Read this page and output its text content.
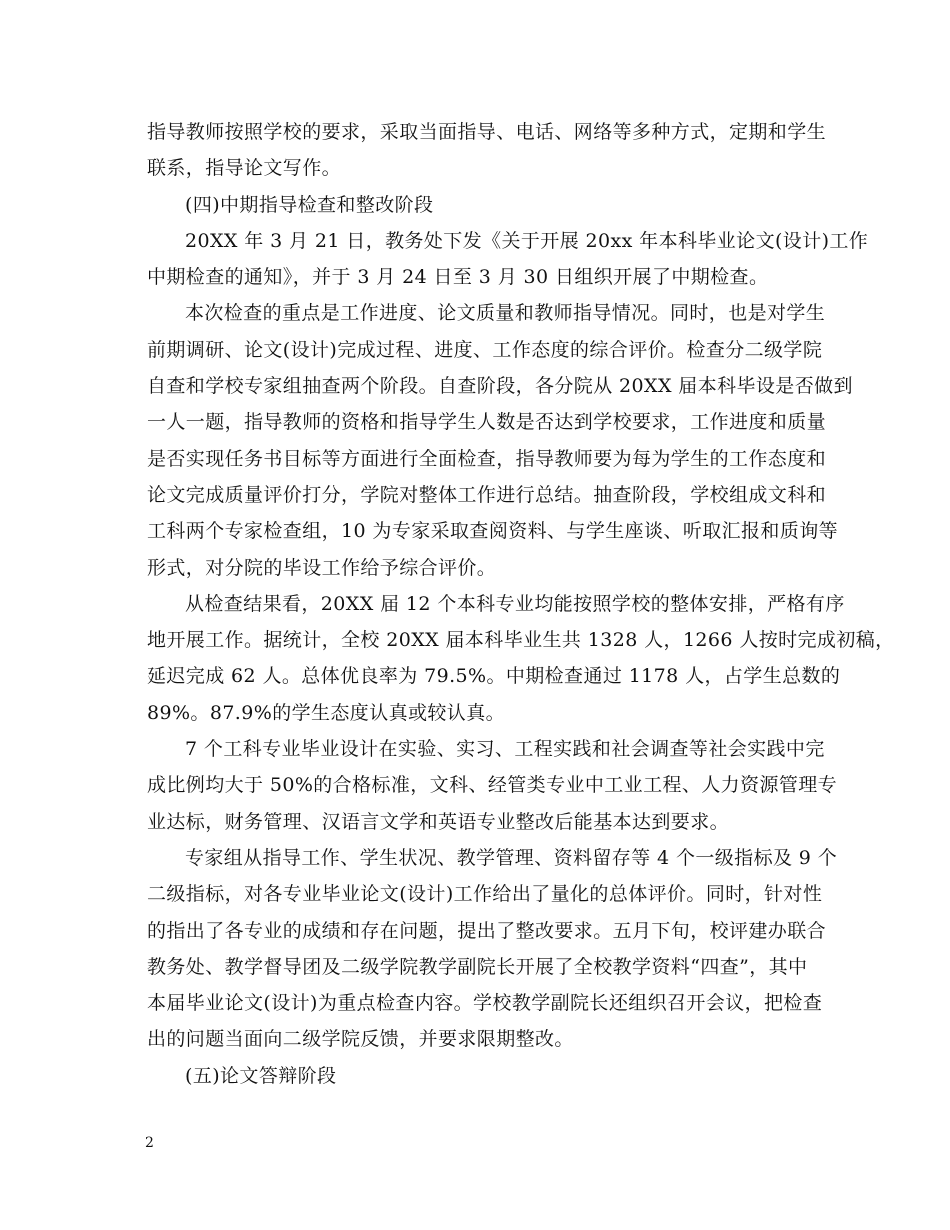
指导教师按照学校的要求，采取当面指导、电话、网络等多种方式，定期和学生
联系，指导论文写作。
(四)中期指导检查和整改阶段
20XX 年 3 月 21 日，教务处下发《关于开展 20xx 年本科毕业论文(设计)工作
中期检查的通知》，并于 3 月 24 日至 3 月 30 日组织开展了中期检查。
本次检查的重点是工作进度、论文质量和教师指导情况。同时，也是对学生
前期调研、论文(设计)完成过程、进度、工作态度的综合评价。检查分二级学院
自查和学校专家组抽查两个阶段。自查阶段，各分院从 20XX 届本科毕设是否做到
一人一题，指导教师的资格和指导学生人数是否达到学校要求，工作进度和质量
是否实现任务书目标等方面进行全面检查，指导教师要为每为学生的工作态度和
论文完成质量评价打分，学院对整体工作进行总结。抽查阶段，学校组成文科和
工科两个专家检查组，10 为专家采取查阅资料、与学生座谈、听取汇报和质询等
形式，对分院的毕设工作给予综合评价。
从检查结果看，20XX 届 12 个本科专业均能按照学校的整体安排，严格有序
地开展工作。据统计，全校 20XX 届本科毕业生共 1328 人，1266 人按时完成初稿，
延迟完成 62 人。总体优良率为 79.5%。中期检查通过 1178 人，占学生总数的
89%。87.9%的学生态度认真或较认真。
7 个工科专业毕业设计在实验、实习、工程实践和社会调查等社会实践中完
成比例均大于 50%的合格标准，文科、经管类专业中工业工程、人力资源管理专
业达标，财务管理、汉语言文学和英语专业整改后能基本达到要求。
专家组从指导工作、学生状况、教学管理、资料留存等 4 个一级指标及 9 个
二级指标，对各专业毕业论文(设计)工作给出了量化的总体评价。同时，针对性
的指出了各专业的成绩和存在问题，提出了整改要求。五月下旬，校评建办联合
教务处、教学督导团及二级学院教学副院长开展了全校教学资料“四查”，其中
本届毕业论文(设计)为重点检查内容。学校教学副院长还组织召开会议，把检查
出的问题当面向二级学院反馈，并要求限期整改。
(五)论文答辩阶段
2
